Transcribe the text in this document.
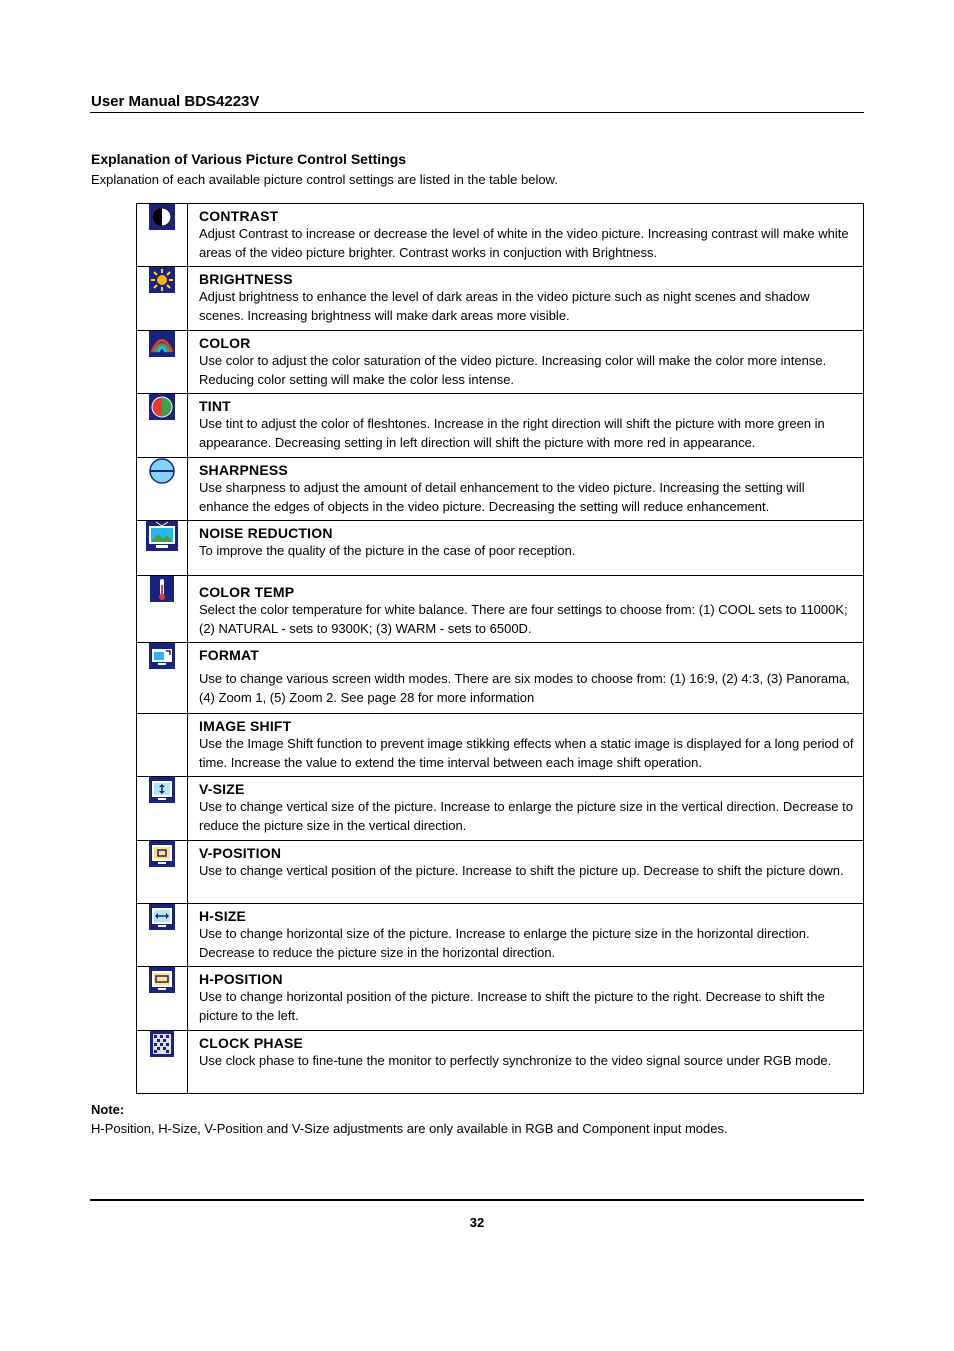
User Manual BDS4223V
Explanation of Various Picture Control Settings
Explanation of each available picture control settings are listed in the table below.

CONTRAST
Adjust Contrast to increase or decrease the level of white in the video picture. Increasing contrast will make white areas of the video picture brighter. Contrast works in conjuction with Brightness.

BRIGHTNESS
Adjust brightness to enhance the level of dark areas in the video picture such as night scenes and shadow scenes. Increasing brightness will make dark areas more visible.

COLOR
Use color to adjust the color saturation of the video picture. Increasing color will make the color more intense. Reducing color setting will make the color less intense.

TINT
Use tint to adjust the color of fleshtones. Increase in the right direction will shift the picture with more green in appearance. Decreasing setting in left direction will shift the picture with more red in appearance.

SHARPNESS
Use sharpness to adjust the amount of detail enhancement to the video picture. Increasing the setting will enhance the edges of objects in the video picture. Decreasing the setting will reduce enhancement.

NOISE REDUCTION
To improve the quality of the picture in the case of poor reception.

COLOR TEMP
Select the color temperature for white balance. There are four settings to choose from: (1) COOL sets to 11000K; (2) NATURAL - sets to 9300K; (3) WARM - sets to 6500D.

FORMAT
Use to change various screen width modes. There are six modes to choose from: (1) 16:9, (2) 4:3, (3) Panorama, (4) Zoom 1, (5) Zoom 2. See page 28 for more information

	IMAGE SHIFT
Use the Image Shift function to prevent image stikking effects when a static image is displayed for a long period of time. Increase the value to extend the time interval between each image shift operation.

V-SIZE
Use to change vertical size of the picture. Increase to enlarge the picture size in the vertical direction. Decrease to reduce the picture size in the vertical direction.

V-POSITION
Use to change vertical position of the picture. Increase to shift the picture up. Decrease to shift the picture down.

H-SIZE
Use to change horizontal size of the picture. Increase to enlarge the picture size in the horizontal direction. Decrease to reduce the picture size in the horizontal direction.

H-POSITION
Use to change horizontal position of the picture. Increase to shift the picture to the right. Decrease to shift the picture to the left.

CLOCK PHASE
Use clock phase to fine-tune the monitor to perfectly synchronize to the video signal source under RGB mode.
Note:
H-Position, H-Size, V-Position and V-Size adjustments are only available in RGB and Component input modes.
32
